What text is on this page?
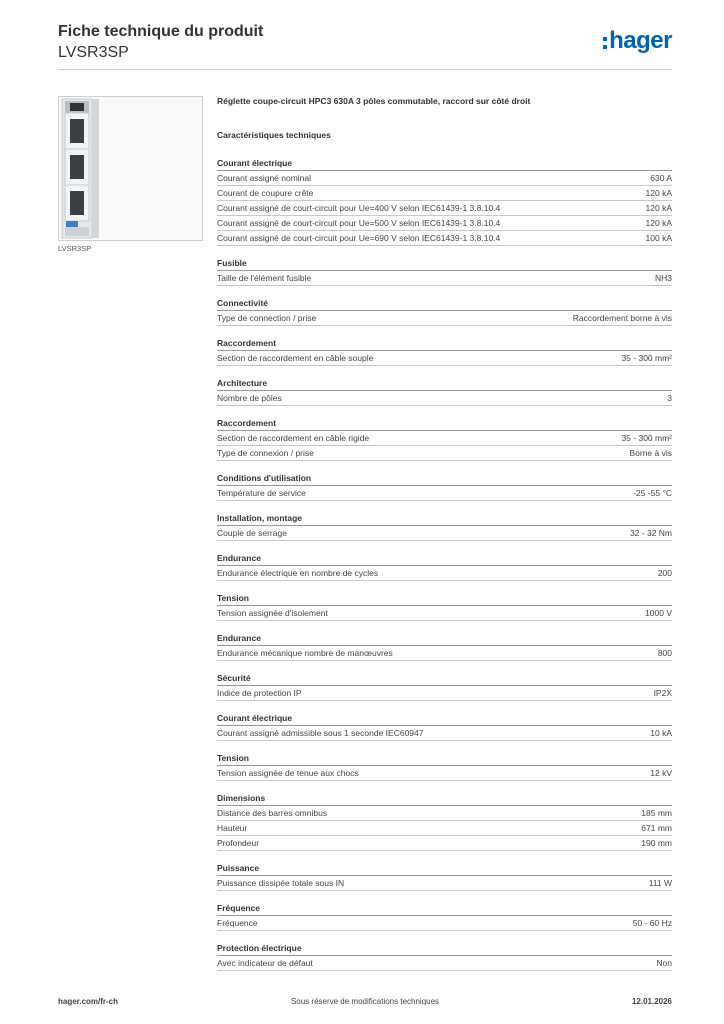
Fiche technique du produit
LVSR3SP	hager
LVSR3SP
Réglette coupe-circuit HPC3 630A 3 pôles commutable, raccord sur côté droit
Caractéristiques techniques
Courant électrique
Courant assigné nominal	630 A
Courant de coupure crête	120 kA
Courant assigné de court-circuit pour Ue=400 V selon IEC61439-1 3.8.10.4	120 kA
Courant assigné de court-circuit pour Ue=500 V selon IEC61439-1 3.8.10.4	120 kA
Courant assigné de court-circuit pour Ue=690 V selon IEC61439-1 3.8.10.4	100 kA
Fusible
Taille de l'élément fusible	NH3
Connectivité
Type de connection / prise	Raccordement borne à vis
Raccordement
Section de raccordement en câble souple	35 - 300 mm²
Architecture
Nombre de pôles	3
Raccordement
Section de raccordement en câble rigide	35 - 300 mm²
Type de connexion / prise	Borne à vis
Conditions d'utilisation
Température de service	-25 -55 °C
Installation, montage
Couple de serrage	32 - 32 Nm
Endurance
Endurance électrique en nombre de cycles	200
Tension
Tension assignée d'isolement	1000 V
Endurance
Endurance mécanique nombre de manœuvres	800
Sécurité
Indice de protection IP	IP2X
Courant électrique
Courant assigné admissible sous 1 seconde IEC60947	10 kA
Tension
Tension assignée de tenue aux chocs	12 kV
Dimensions
Distance des barres omnibus	185 mm
Hauteur	671 mm
Profondeur	190 mm
Puissance
Puissance dissipée totale sous IN	111 W
Fréquence
Fréquence	50 - 60 Hz
Protection électrique
Avec indicateur de défaut	Non
hager.com/fr-ch	Sous réserve de modifications techniques	12.01.2026
